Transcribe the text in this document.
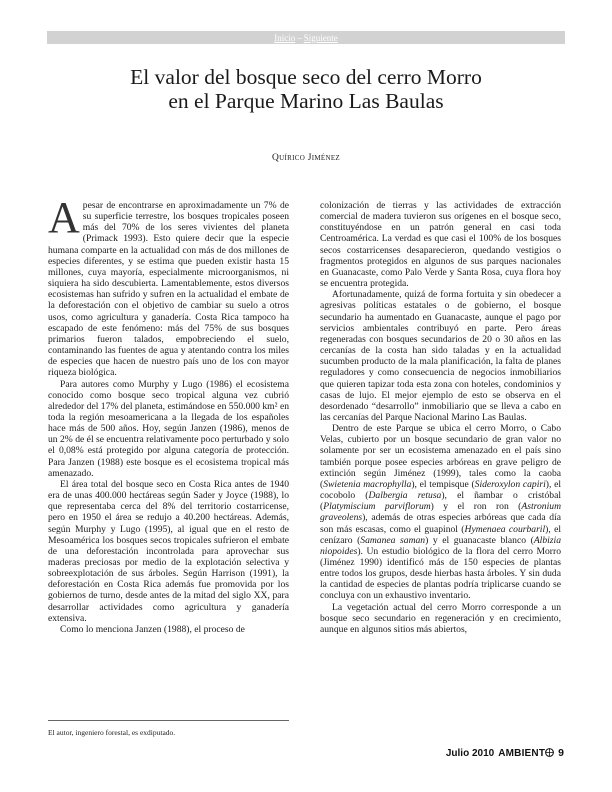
Inicio – Siguiente
El valor del bosque seco del cerro Morro
en el Parque Marino Las Baulas
Quírico Jiménez

Apesar de encontrarse en aproximadamente un 7% de su superficie terrestre, los bosques tropicales poseen más del 70% de los seres vivientes del planeta (Primack 1993). Esto quiere decir que la especie humana comparte en la actualidad con más de dos millones de especies diferentes, y se estima que pueden existir hasta 15 millones, cuya mayoría, especialmente microorganismos, ni siquiera ha sido descubierta. Lamentablemente, estos diversos ecosistemas han sufrido y sufren en la actualidad el embate de la deforestación con el objetivo de cambiar su suelo a otros usos, como agricultura y ganadería. Costa Rica tampoco ha escapado de este fenómeno: más del 75% de sus bosques primarios fueron talados, empobreciendo el suelo, contaminando las fuentes de agua y atentando contra los miles de especies que hacen de nuestro país uno de los con mayor riqueza biológica.

Para autores como Murphy y Lugo (1986) el ecosistema conocido como bosque seco tropical alguna vez cubrió alrededor del 17% del planeta, estimándose en 550.000 km² en toda la región mesoamericana a la llegada de los españoles hace más de 500 años. Hoy, según Janzen (1986), menos de un 2% de él se encuentra relativamente poco perturbado y solo el 0,08% está protegido por alguna categoría de protección. Para Janzen (1988) este bosque es el ecosistema tropical más amenazado.

El área total del bosque seco en Costa Rica antes de 1940 era de unas 400.000 hectáreas según Sader y Joyce (1988), lo que representaba cerca del 8% del territorio costarricense, pero en 1950 el área se redujo a 40.200 hectáreas. Además, según Murphy y Lugo (1995), al igual que en el resto de Mesoamérica los bosques secos tropicales sufrieron el embate de una deforestación incontrolada para aprovechar sus maderas preciosas por medio de la explotación selectiva y sobreexplotación de sus árboles. Según Harrison (1991), la deforestación en Costa Rica además fue promovida por los gobiernos de turno, desde antes de la mitad del siglo XX, para desarrollar actividades como agricultura y ganadería extensiva.

Como lo menciona Janzen (1988), el proceso de

colonización de tierras y las actividades de extracción comercial de madera tuvieron sus orígenes en el bosque seco, constituyéndose en un patrón general en casi toda Centroamérica. La verdad es que casi el 100% de los bosques secos costarricenses desaparecieron, quedando vestigios o fragmentos protegidos en algunos de sus parques nacionales en Guanacaste, como Palo Verde y Santa Rosa, cuya flora hoy se encuentra protegida.

Afortunadamente, quizá de forma fortuita y sin obedecer a agresivas políticas estatales o de gobierno, el bosque secundario ha aumentado en Guanacaste, aunque el pago por servicios ambientales contribuyó en parte. Pero áreas regeneradas con bosques secundarios de 20 o 30 años en las cercanías de la costa han sido taladas y en la actualidad sucumben producto de la mala planificación, la falta de planes reguladores y como consecuencia de negocios inmobiliarios que quieren tapizar toda esta zona con hoteles, condominios y casas de lujo. El mejor ejemplo de esto se observa en el desordenado “desarrollo” inmobiliario que se lleva a cabo en las cercanías del Parque Nacional Marino Las Baulas.

Dentro de este Parque se ubica el cerro Morro, o Cabo Velas, cubierto por un bosque secundario de gran valor no solamente por ser un ecosistema amenazado en el país sino también porque posee especies arbóreas en grave peligro de extinción según Jiménez (1999), tales como la caoba (Swietenia macrophylla), el tempisque (Sideroxylon capiri), el cocobolo (Dalbergia retusa), el ñambar o cristóbal (Platymiscium parviflorum) y el ron ron (Astronium graveolens), además de otras especies arbóreas que cada día son más escasas, como el guapinol (Hymenaea courbaril), el cenízaro (Samanea saman) y el guanacaste blanco (Albizia niopoides). Un estudio biológico de la flora del cerro Morro (Jiménez 1990) identificó más de 150 especies de plantas entre todos los grupos, desde hierbas hasta árboles. Y sin duda la cantidad de especies de plantas podría triplicarse cuando se concluya con un exhaustivo inventario.

La vegetación actual del cerro Morro corresponde a un bosque seco secundario en regeneración y en crecimiento, aunque en algunos sitios más abiertos,

El autor, ingeniero forestal, es exdiputado.
Julio 2010 AMBIENT	9
